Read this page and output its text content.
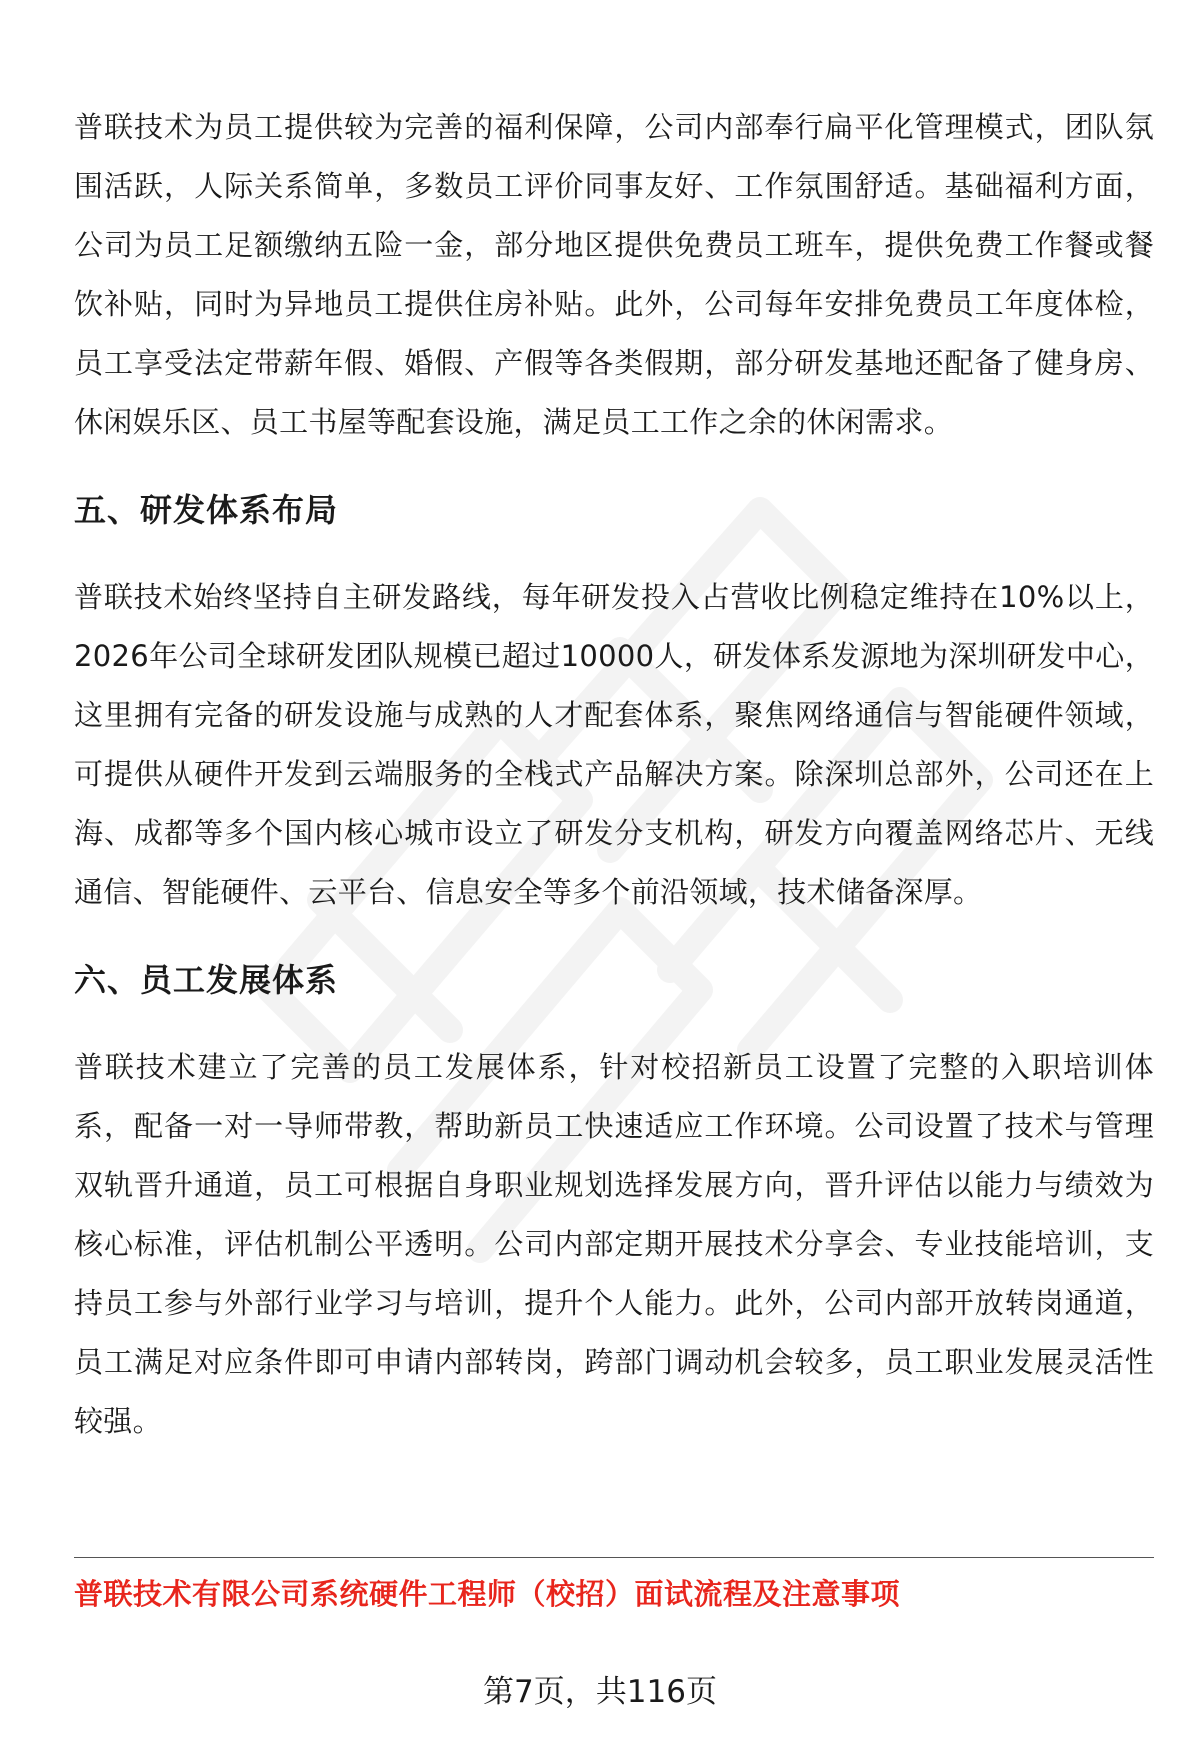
普联技术为员工提供较为完善的福利保障，公司内部奉行扁平化管理模式，团队氛围活跃，人际关系简单，多数员工评价同事友好、工作氛围舒适。基础福利方面，公司为员工足额缴纳五险一金，部分地区提供免费员工班车，提供免费工作餐或餐饮补贴，同时为异地员工提供住房补贴。此外，公司每年安排免费员工年度体检，员工享受法定带薪年假、婚假、产假等各类假期，部分研发基地还配备了健身房、休闲娱乐区、员工书屋等配套设施，满足员工工作之余的休闲需求。

五、研发体系布局

普联技术始终坚持自主研发路线，每年研发投入占营收比例稳定维持在10%以上，2026年公司全球研发团队规模已超过10000人，研发体系发源地为深圳研发中心，这里拥有完备的研发设施与成熟的人才配套体系，聚焦网络通信与智能硬件领域，可提供从硬件开发到云端服务的全栈式产品解决方案。除深圳总部外，公司还在上海、成都等多个国内核心城市设立了研发分支机构，研发方向覆盖网络芯片、无线通信、智能硬件、云平台、信息安全等多个前沿领域，技术储备深厚。

六、员工发展体系

普联技术建立了完善的员工发展体系，针对校招新员工设置了完整的入职培训体系，配备一对一导师带教，帮助新员工快速适应工作环境。公司设置了技术与管理双轨晋升通道，员工可根据自身职业规划选择发展方向，晋升评估以能力与绩效为核心标准，评估机制公平透明。公司内部定期开展技术分享会、专业技能培训，支持员工参与外部行业学习与培训，提升个人能力。此外，公司内部开放转岗通道，员工满足对应条件即可申请内部转岗，跨部门调动机会较多，员工职业发展灵活性较强。

普联技术有限公司系统硬件工程师（校招）面试流程及注意事项

第7页，共116页
